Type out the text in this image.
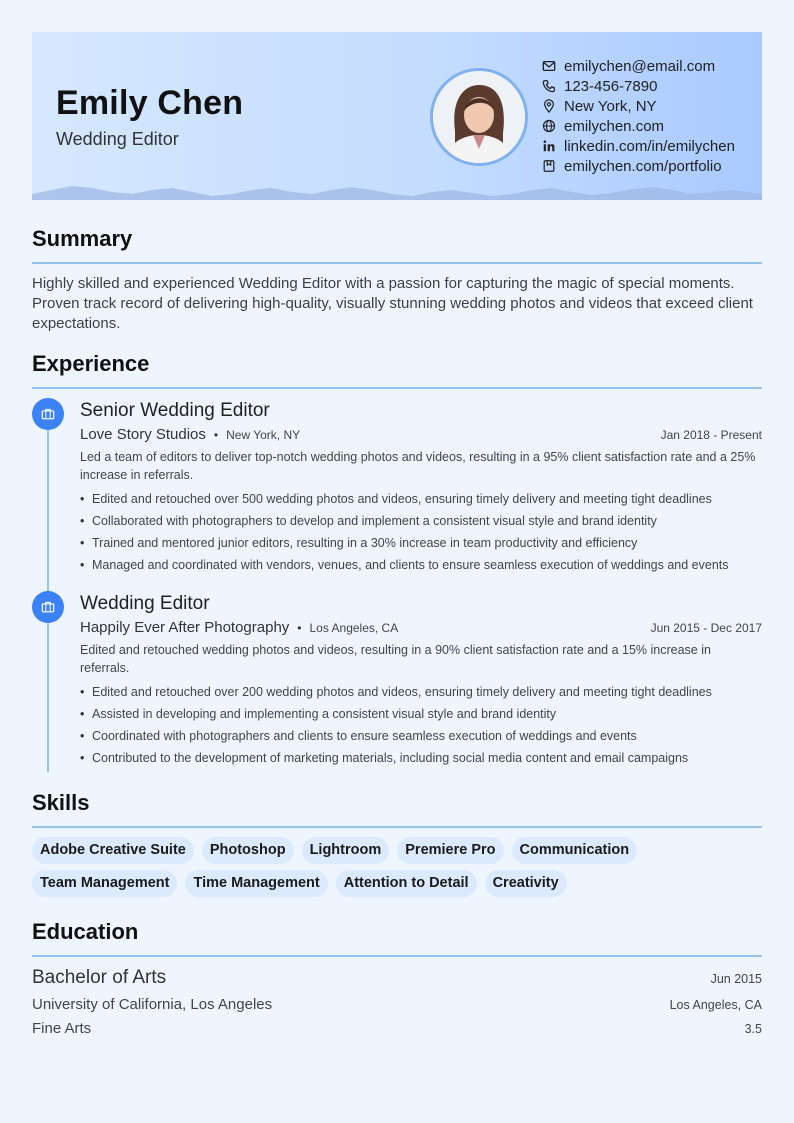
Emily Chen
Wedding Editor
emilychen@email.com
123-456-7890
New York, NY
emilychen.com
linkedin.com/in/emilychen
emilychen.com/portfolio
Summary
Highly skilled and experienced Wedding Editor with a passion for capturing the magic of special moments. Proven track record of delivering high-quality, visually stunning wedding photos and videos that exceed client expectations.
Experience
Senior Wedding Editor
Love Story Studios • New York, NY	Jan 2018 - Present
Led a team of editors to deliver top-notch wedding photos and videos, resulting in a 95% client satisfaction rate and a 25% increase in referrals.
• Edited and retouched over 500 wedding photos and videos, ensuring timely delivery and meeting tight deadlines
• Collaborated with photographers to develop and implement a consistent visual style and brand identity
• Trained and mentored junior editors, resulting in a 30% increase in team productivity and efficiency
• Managed and coordinated with vendors, venues, and clients to ensure seamless execution of weddings and events
Wedding Editor
Happily Ever After Photography • Los Angeles, CA	Jun 2015 - Dec 2017
Edited and retouched wedding photos and videos, resulting in a 90% client satisfaction rate and a 15% increase in referrals.
• Edited and retouched over 200 wedding photos and videos, ensuring timely delivery and meeting tight deadlines
• Assisted in developing and implementing a consistent visual style and brand identity
• Coordinated with photographers and clients to ensure seamless execution of weddings and events
• Contributed to the development of marketing materials, including social media content and email campaigns
Skills
Adobe Creative Suite	Photoshop	Lightroom	Premiere Pro	Communication
Team Management	Time Management	Attention to Detail	Creativity
Education
Bachelor of Arts	Jun 2015
University of California, Los Angeles	Los Angeles, CA
Fine Arts	3.5
